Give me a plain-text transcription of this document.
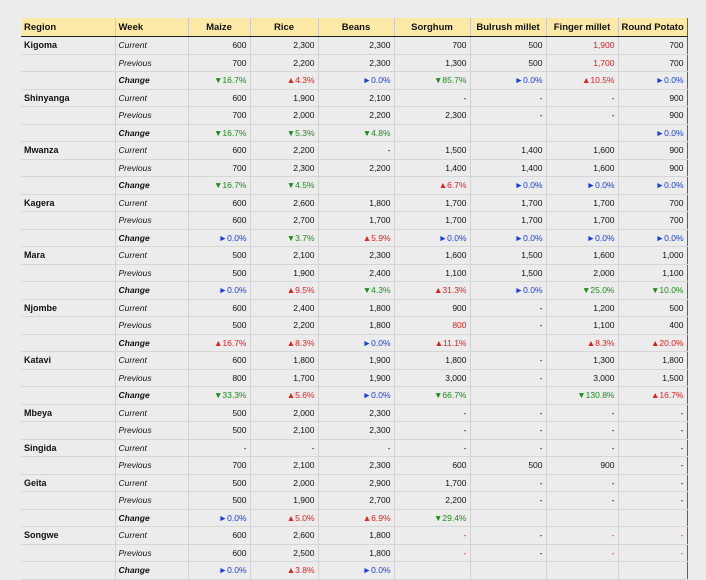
Region	Week	Maize	Rice	Beans	Sorghum	Bulrush millet	Finger millet	Round Potato
Kigoma	Current	600	2,300	2,300	700	500	1,900	700
	Previous	700	2,200	2,300	1,300	500	1,700	700
	Change	▼16.7%	▲4.3%	►0.0%	▼85.7%	►0.0%	▲10.5%	►0.0%
Shinyanga	Current	600	1,900	2,100	-	-	-	900
	Previous	700	2,000	2,200	2,300	-	-	900
	Change	▼16.7%	▼5.3%	▼4.8%				►0.0%
Mwanza	Current	600	2,200	-	1,500	1,400	1,600	900
	Previous	700	2,300	2,200	1,400	1,400	1,600	900
	Change	▼16.7%	▼4.5%		▲6.7%	►0.0%	►0.0%	►0.0%
Kagera	Current	600	2,600	1,800	1,700	1,700	1,700	700
	Previous	600	2,700	1,700	1,700	1,700	1,700	700
	Change	►0.0%	▼3.7%	▲5.9%	►0.0%	►0.0%	►0.0%	►0.0%
Mara	Current	500	2,100	2,300	1,600	1,500	1,600	1,000
	Previous	500	1,900	2,400	1,100	1,500	2,000	1,100
	Change	►0.0%	▲9.5%	▼4.3%	▲31.3%	►0.0%	▼25.0%	▼10.0%
Njombe	Current	600	2,400	1,800	900	-	1,200	500
	Previous	500	2,200	1,800	800	-	1,100	400
	Change	▲16.7%	▲8.3%	►0.0%	▲11.1%		▲8.3%	▲20.0%
Katavi	Current	600	1,800	1,900	1,800	-	1,300	1,800
	Previous	800	1,700	1,900	3,000	-	3,000	1,500
	Change	▼33.3%	▲5.6%	►0.0%	▼66.7%		▼130.8%	▲16.7%
Mbeya	Current	500	2,000	2,300	-	-	-	-
	Previous	500	2,100	2,300	-	-	-	-
Singida	Current	-	-	-	-	-	-	-
	Previous	700	2,100	2,300	600	500	900	-
Geita	Current	500	2,000	2,900	1,700	-	-	-
	Previous	500	1,900	2,700	2,200	-	-	-
	Change	►0.0%	▲5.0%	▲6.9%	▼29.4%			
Songwe	Current	600	2,600	1,800	-	-	-	-
	Previous	600	2,500	1,800	-	-	-	-
	Change	►0.0%	▲3.8%	►0.0%				
